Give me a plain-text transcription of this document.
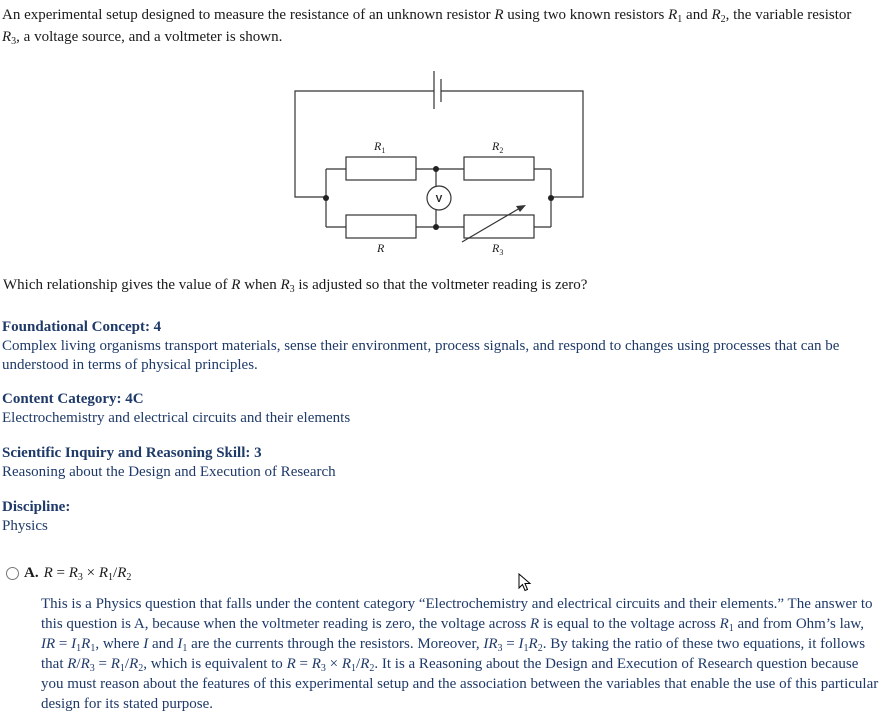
An experimental setup designed to measure the resistance of an unknown resistor R using two known resistors $R_1$ and $R_2$, the variable resistor $R_3$, a voltage source, and a voltmeter is shown.
V
$R_1$	$R_2$
R	$R_3$
Which relationship gives the value of R when $R_3$ is adjusted so that the voltmeter reading is zero?
Foundational Concept: 4
Complex living organisms transport materials, sense their environment, process signals, and respond to changes using processes that can be understood in terms of physical principles.
Content Category: 4C
Electrochemistry and electrical circuits and their elements
Scientific Inquiry and Reasoning Skill: 3
Reasoning about the Design and Execution of Research
Discipline:
Physics
A. $R = R_3 \times R_1/R_2$
This is a Physics question that falls under the content category “Electrochemistry and electrical circuits and their elements.” The answer to this question is A, because when the voltmeter reading is zero, the voltage across R is equal to the voltage across $R_1$ and from Ohm’s law, IR = $I_1R_1$, where I and $I_1$ are the currents through the resistors. Moreover, $IR_3 = I_1R_2$. By taking the ratio of these two equations, it follows that $R/R_3 = R_1/R_2$, which is equivalent to $R = R_3 \times R_1/R_2$. It is a Reasoning about the Design and Execution of Research question because you must reason about the features of this experimental setup and the association between the variables that enable the use of this particular design for its stated purpose.
